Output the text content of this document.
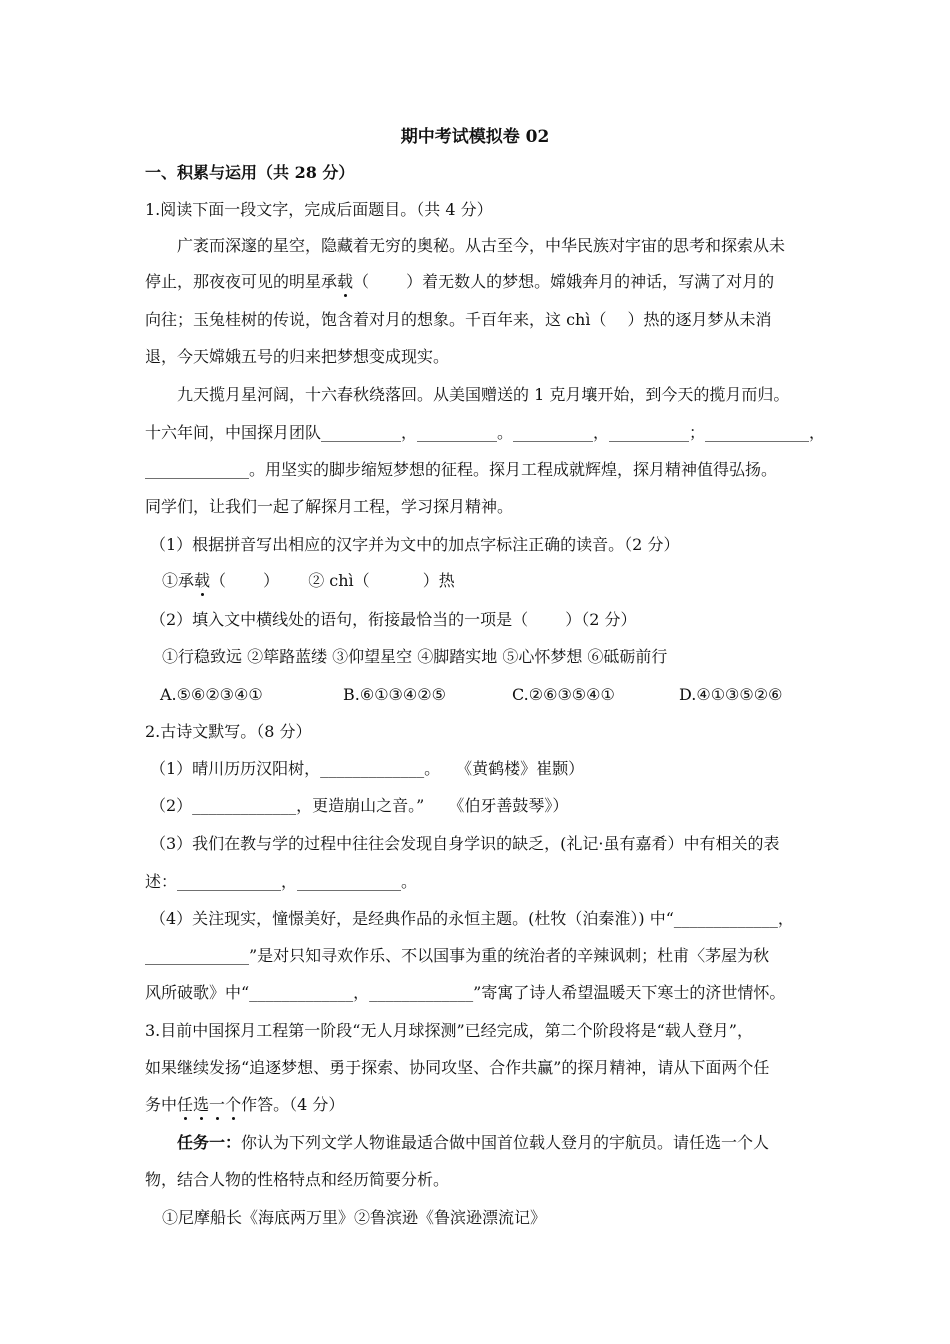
期中考试模拟卷 02
一、积累与运用（共 28 分）
1.阅读下面一段文字，完成后面题目。（共 4 分）
广袤而深邃的星空，隐藏着无穷的奥秘。从古至今，中华民族对宇宙的思考和探索从未
停止，那夜夜可见的明星承载（　　 ）着无数人的梦想。嫦娥奔月的神话，写满了对月的
向往；玉兔桂树的传说，饱含着对月的想象。千百年来，这 chì（　 ）热的逐月梦从未消
退，今天嫦娥五号的归来把梦想变成现实。
九天揽月星河阔，十六春秋绕落回。从美国赠送的 1 克月壤开始，到今天的揽月而归。
十六年间，中国探月团队__________，__________。__________，__________；_____________，
_____________。用坚实的脚步缩短梦想的征程。探月工程成就辉煌，探月精神值得弘扬。
同学们，让我们一起了解探月工程，学习探月精神。
（1）根据拼音写出相应的汉字并为文中的加点字标注正确的读音。（2 分）
①承载（　　 ）　　 ② chì（　　　 ）热
（2）填入文中横线处的语句，衔接最恰当的一项是（　　 ）（2 分）
①行稳致远 ②筚路蓝缕 ③仰望星空 ④脚踏实地 ⑤心怀梦想 ⑥砥砺前行
A.⑤⑥②③④①	B.⑥①③④②⑤	C.②⑥③⑤④①	D.④①③⑤②⑥
2.古诗文默写。（8 分）
（1）晴川历历汉阳树，_____________。　　《黄鹤楼》崔颢）
（2）_____________，更造崩山之音。”　　《伯牙善鼓琴》）
（3）我们在教与学的过程中往往会发现自身学识的缺乏，(礼记·虽有嘉肴）中有相关的表
述：_____________，_____________。
（4）关注现实，憧憬美好，是经典作品的永恒主题。(杜牧（泊秦淮）) 中“_____________，
_____________”是对只知寻欢作乐、不以国事为重的统治者的辛辣讽刺；杜甫〈茅屋为秋
风所破歌》中“_____________，_____________”寄寓了诗人希望温暖天下寒士的济世情怀。
3.目前中国探月工程第一阶段“无人月球探测”已经完成，第二个阶段将是“载人登月”，
如果继续发扬“追逐梦想、勇于探索、协同攻坚、合作共赢”的探月精神，请从下面两个任
务中任选一个作答。（4 分）
任务一：你认为下列文学人物谁最适合做中国首位载人登月的宇航员。请任选一个人
物，结合人物的性格特点和经历简要分析。
①尼摩船长《海底两万里》②鲁滨逊《鲁滨逊漂流记》
